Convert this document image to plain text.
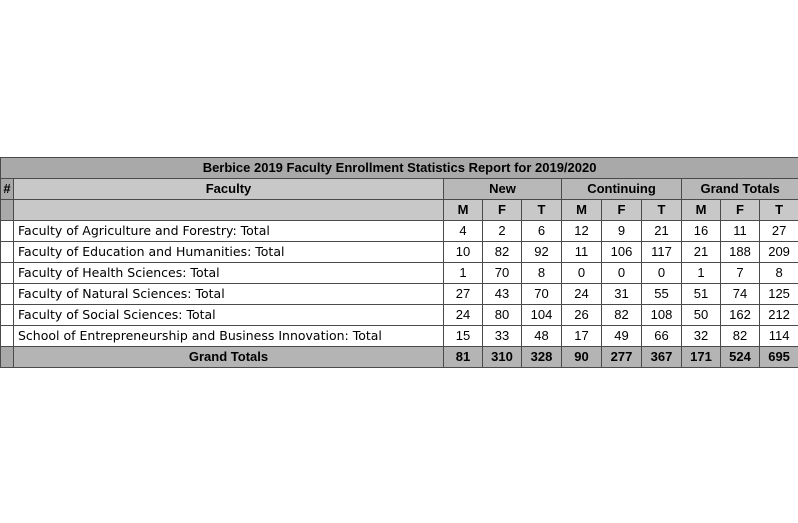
Berbice 2019 Faculty Enrollment Statistics Report for 2019/2020										
#	Faculty	New			Continuing			Grand Totals		
		M	F	T	M	F	T	M	F	T
	Faculty of Agriculture and Forestry: Total	4	2	6	12	9	21	16	11	27
	Faculty of Education and Humanities: Total	10	82	92	11	106	117	21	188	209
	Faculty of Health Sciences: Total	1	70	8	0	0	0	1	7	8
	Faculty of Natural Sciences: Total	27	43	70	24	31	55	51	74	125
	Faculty of Social Sciences: Total	24	80	104	26	82	108	50	162	212
	School of Entrepreneurship and Business Innovation: Total	15	33	48	17	49	66	32	82	114
	Grand Totals	81	310	328	90	277	367	171	524	695
